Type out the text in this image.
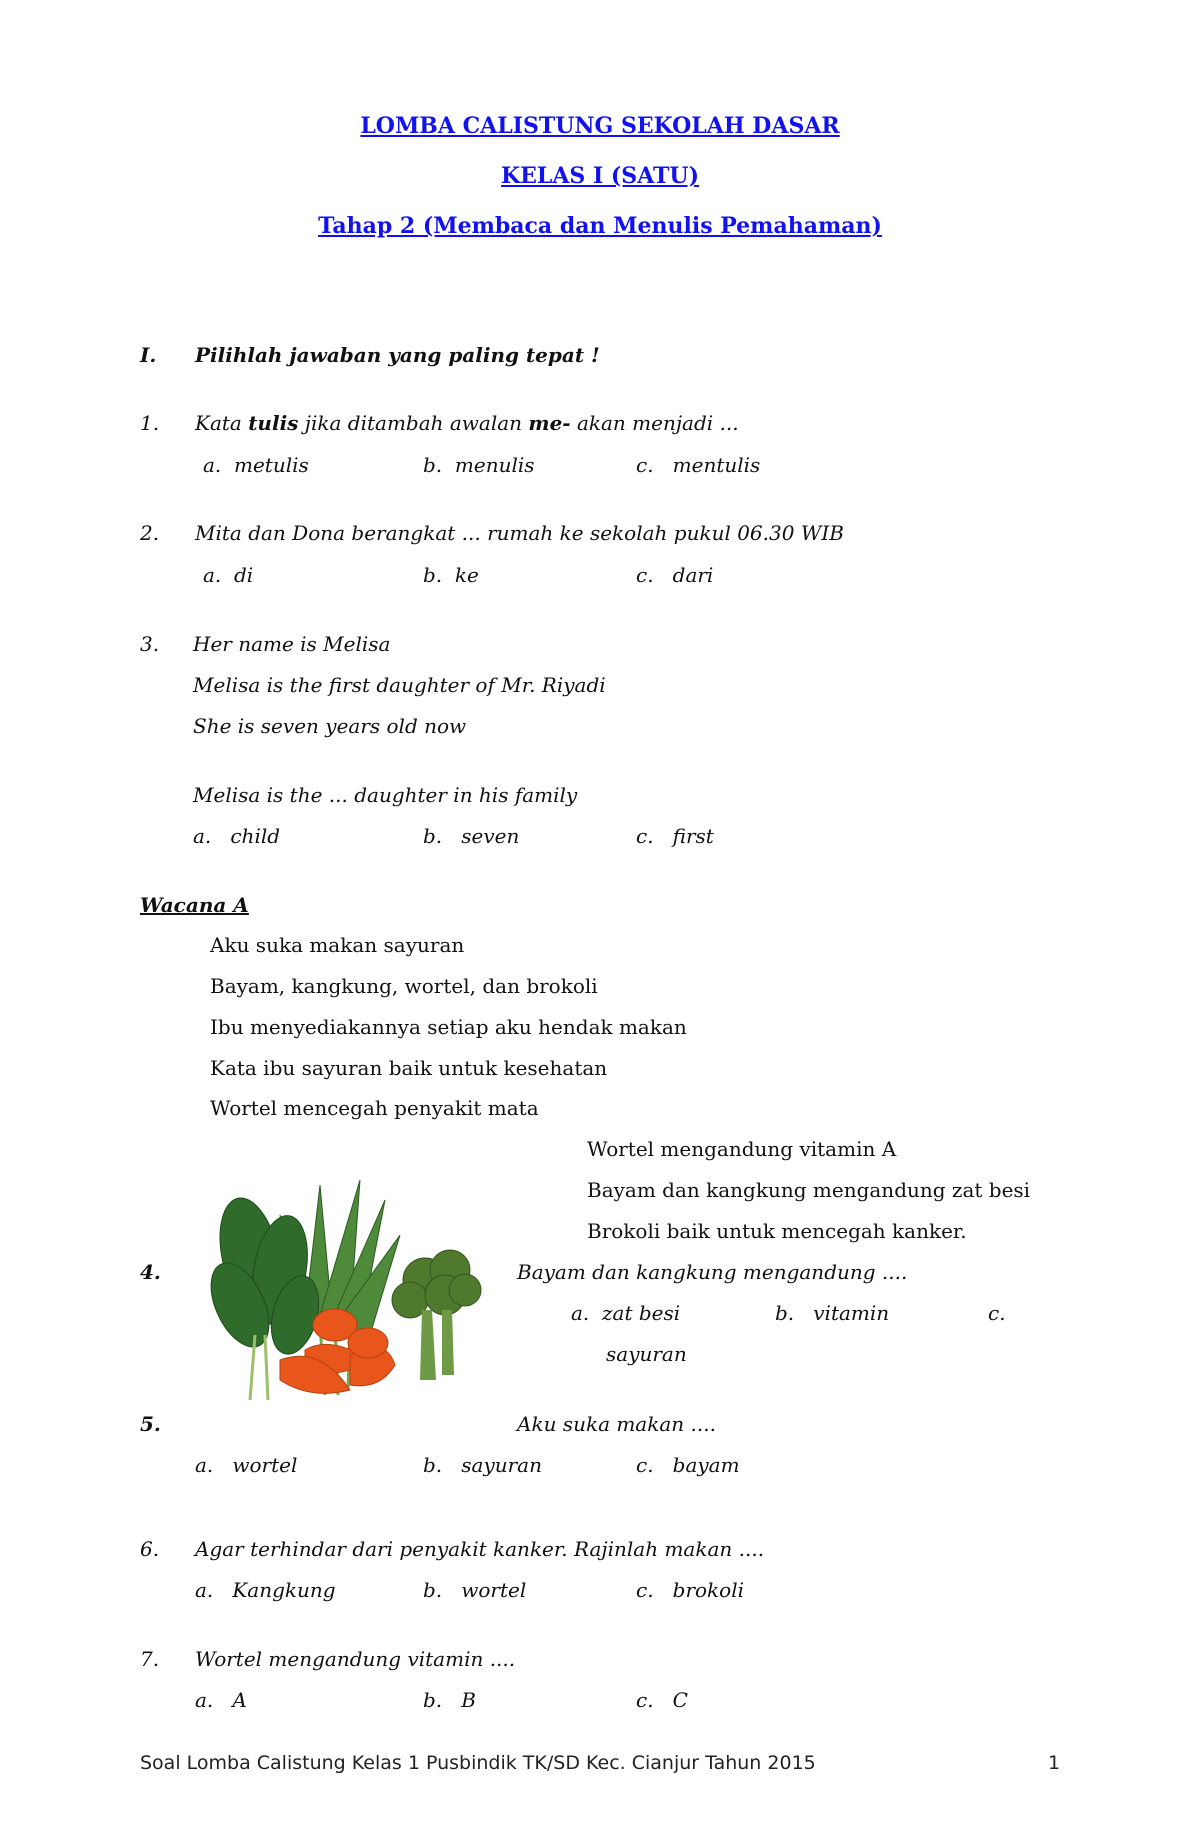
LOMBA CALISTUNG SEKOLAH DASAR
KELAS I (SATU)
Tahap 2 (Membaca dan Menulis Pemahaman)
I. Pilihlah jawaban yang paling tepat !
1. Kata tulis jika ditambah awalan me- akan menjadi ...
a. metulis	b. menulis	c. mentulis
2. Mita dan Dona berangkat ... rumah ke sekolah pukul 06.30 WIB
a. di	b. ke	c. dari
3. Her name is Melisa
Melisa is the first daughter of Mr. Riyadi
She is seven years old now
Melisa is the ... daughter in his family
a. child	b. seven	c. first
Wacana A
Aku suka makan sayuran
Bayam, kangkung, wortel, dan brokoli
Ibu menyediakannya setiap aku hendak makan
Kata ibu sayuran baik untuk kesehatan
Wortel mencegah penyakit mata
Wortel mengandung vitamin A
Bayam dan kangkung mengandung zat besi
Brokoli baik untuk mencegah kanker.
4.	Bayam dan kangkung mengandung ....
a. zat besi	b. vitamin	c.
sayuran
5.	Aku suka makan ....
a. wortel	b. sayuran	c. bayam
6. Agar terhindar dari penyakit kanker. Rajinlah makan ....
a. Kangkung	b. wortel	c. brokoli
7. Wortel mengandung vitamin ....
a. A	b. B	c. C
Soal Lomba Calistung Kelas 1 Pusbindik TK/SD Kec. Cianjur Tahun 2015	1
